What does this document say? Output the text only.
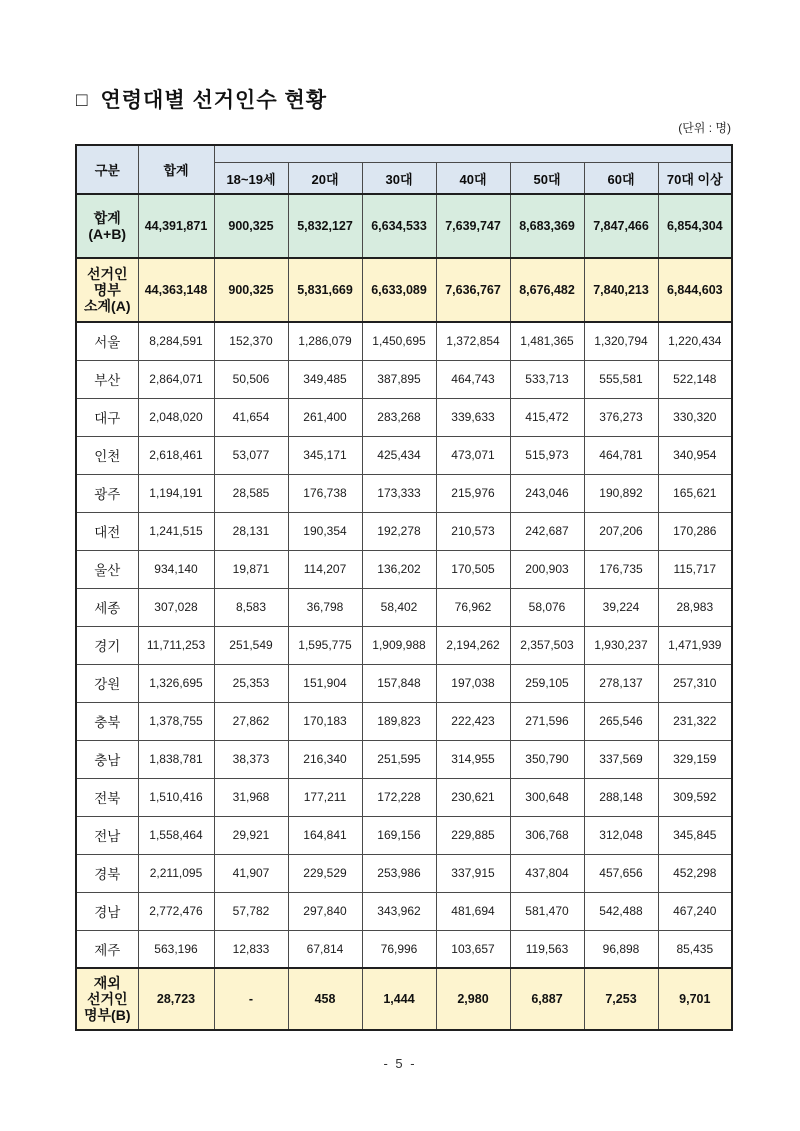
□ 연령대별 선거인수 현황
(단위 : 명)
구분	합계							
		18~19세	20대	30대	40대	50대	60대	70대 이상
합계
(A+B)	44,391,871	900,325	5,832,127	6,634,533	7,639,747	8,683,369	7,847,466	6,854,304
선거인
명부
소계(A)	44,363,148	900,325	5,831,669	6,633,089	7,636,767	8,676,482	7,840,213	6,844,603
서울	8,284,591	152,370	1,286,079	1,450,695	1,372,854	1,481,365	1,320,794	1,220,434
부산	2,864,071	50,506	349,485	387,895	464,743	533,713	555,581	522,148
대구	2,048,020	41,654	261,400	283,268	339,633	415,472	376,273	330,320
인천	2,618,461	53,077	345,171	425,434	473,071	515,973	464,781	340,954
광주	1,194,191	28,585	176,738	173,333	215,976	243,046	190,892	165,621
대전	1,241,515	28,131	190,354	192,278	210,573	242,687	207,206	170,286
울산	934,140	19,871	114,207	136,202	170,505	200,903	176,735	115,717
세종	307,028	8,583	36,798	58,402	76,962	58,076	39,224	28,983
경기	11,711,253	251,549	1,595,775	1,909,988	2,194,262	2,357,503	1,930,237	1,471,939
강원	1,326,695	25,353	151,904	157,848	197,038	259,105	278,137	257,310
충북	1,378,755	27,862	170,183	189,823	222,423	271,596	265,546	231,322
충남	1,838,781	38,373	216,340	251,595	314,955	350,790	337,569	329,159
전북	1,510,416	31,968	177,211	172,228	230,621	300,648	288,148	309,592
전남	1,558,464	29,921	164,841	169,156	229,885	306,768	312,048	345,845
경북	2,211,095	41,907	229,529	253,986	337,915	437,804	457,656	452,298
경남	2,772,476	57,782	297,840	343,962	481,694	581,470	542,488	467,240
제주	563,196	12,833	67,814	76,996	103,657	119,563	96,898	85,435
재외
선거인
명부(B)	28,723	-	458	1,444	2,980	6,887	7,253	9,701
- 5 -
